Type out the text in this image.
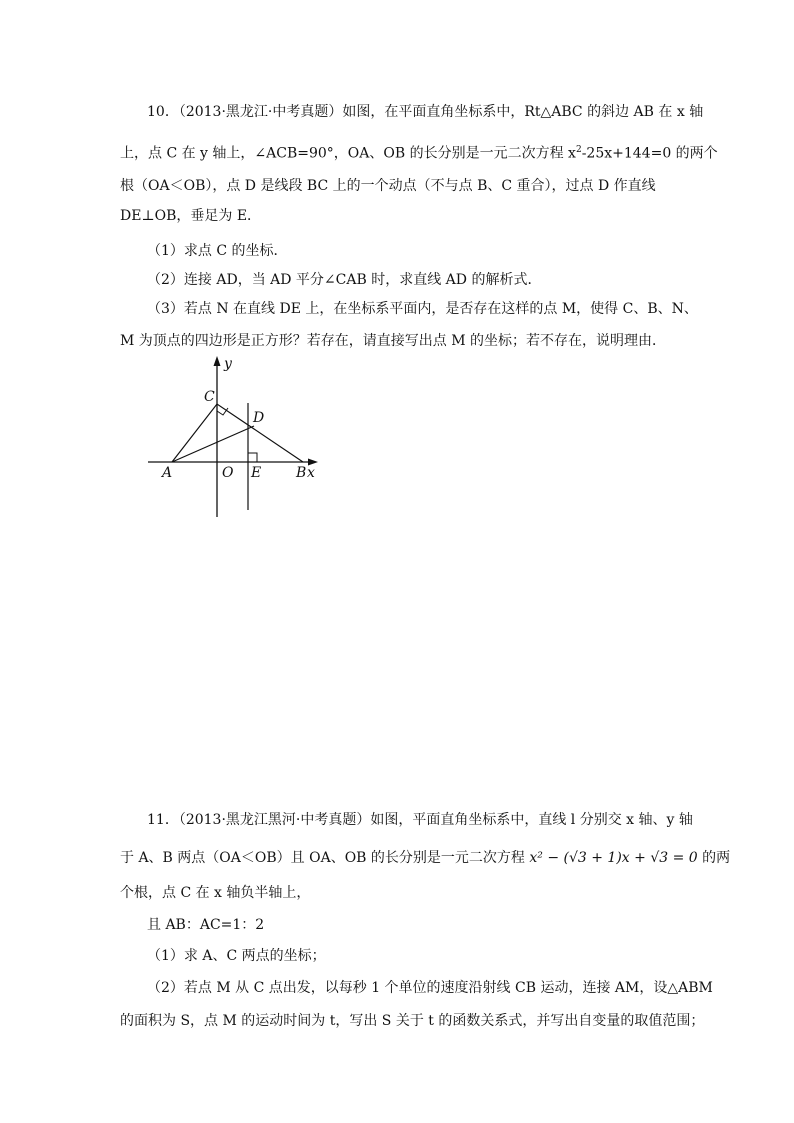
10．（2013·黑龙江·中考真题）如图，在平面直角坐标系中，Rt△ABC 的斜边 AB 在 x 轴
上，点 C 在 y 轴上，∠ACB=90°，OA、OB 的长分别是一元二次方程 $x^2-25x+144=0$ 的两个
根（OA＜OB），点 D 是线段 BC 上的一个动点（不与点 B、C 重合），过点 D 作直线
DE⊥OB，垂足为 E．
（1）求点 C 的坐标．
（2）连接 AD，当 AD 平分∠CAB 时，求直线 AD 的解析式．
（3）若点 N 在直线 DE 上，在坐标系平面内，是否存在这样的点 M，使得 C、B、N、
M 为顶点的四边形是正方形？若存在，请直接写出点 M 的坐标；若不存在，说明理由．
y
C
D
A	O E B x
11．（2013·黑龙江黑河·中考真题）如图，平面直角坐标系中，直线 l 分别交 x 轴、y 轴
于 A、B 两点（OA＜OB）且 OA、OB 的长分别是一元二次方程 x² − (√3 + 1)x + √3 = 0 的两
个根，点 C 在 x 轴负半轴上，
且 AB：AC=1：2
（1）求 A、C 两点的坐标；
（2）若点 M 从 C 点出发，以每秒 1 个单位的速度沿射线 CB 运动，连接 AM，设△ABM
的面积为 S，点 M 的运动时间为 t，写出 S 关于 t 的函数关系式，并写出自变量的取值范围；
